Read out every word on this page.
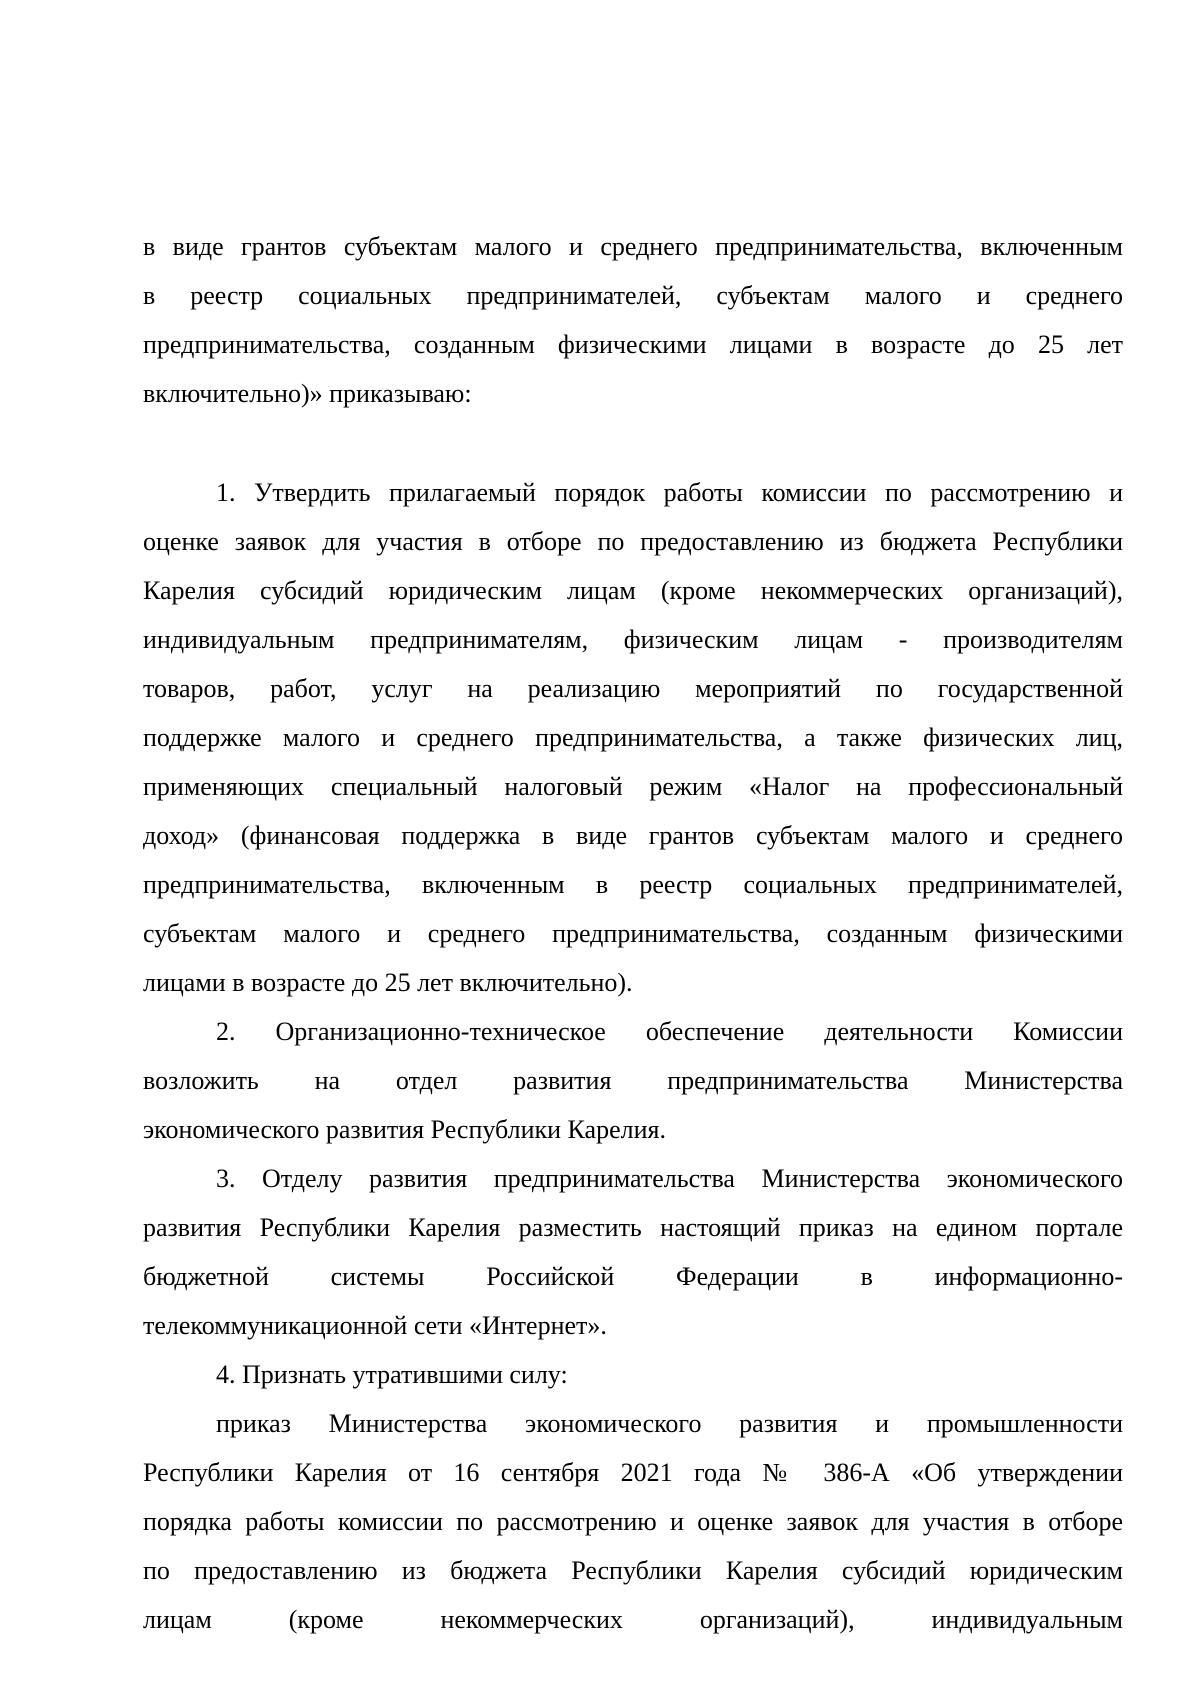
в виде грантов субъектам малого и среднего предпринимательства, включенным
в реестр социальных предпринимателей, субъектам малого и среднего
предпринимательства, созданным физическими лицами в возрасте до 25 лет
включительно)» приказываю:
1. Утвердить прилагаемый порядок работы комиссии по рассмотрению и
оценке заявок для участия в отборе по предоставлению из бюджета Республики
Карелия субсидий юридическим лицам (кроме некоммерческих организаций),
индивидуальным предпринимателям, физическим лицам - производителям
товаров, работ, услуг на реализацию мероприятий по государственной
поддержке малого и среднего предпринимательства, а также физических лиц,
применяющих специальный налоговый режим «Налог на профессиональный
доход» (финансовая поддержка в виде грантов субъектам малого и среднего
предпринимательства, включенным в реестр социальных предпринимателей,
субъектам малого и среднего предпринимательства, созданным физическими
лицами в возрасте до 25 лет включительно).
2. Организационно-техническое обеспечение деятельности Комиссии
возложить на отдел развития предпринимательства Министерства
экономического развития Республики Карелия.
3. Отделу развития предпринимательства Министерства экономического
развития Республики Карелия разместить настоящий приказ на едином портале
бюджетной системы Российской Федерации в информационно-
телекоммуникационной сети «Интернет».
4. Признать утратившими силу:
приказ Министерства экономического развития и промышленности
Республики Карелия от 16 сентября 2021 года № 386-А «Об утверждении
порядка работы комиссии по рассмотрению и оценке заявок для участия в отборе
по предоставлению из бюджета Республики Карелия субсидий юридическим
лицам (кроме некоммерческих организаций), индивидуальным
